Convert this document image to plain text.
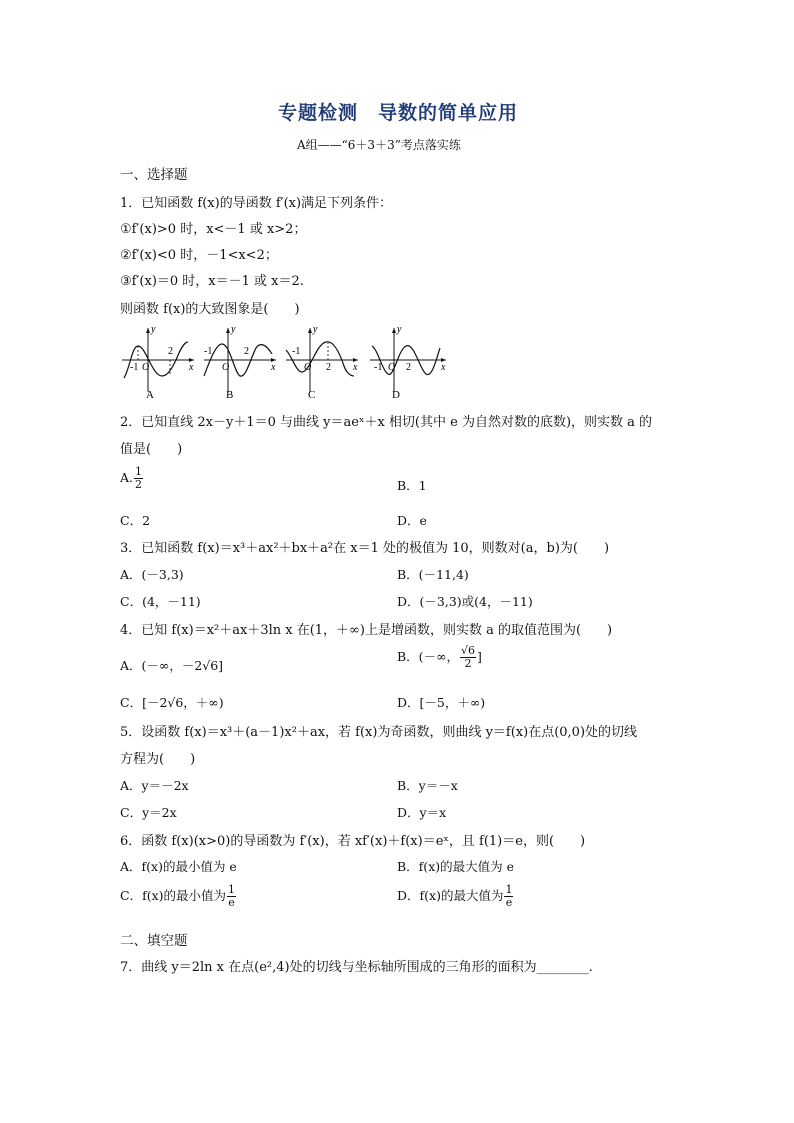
专题检测　导数的简单应用
A组——“6＋3＋3”考点落实练
一、选择题
1．已知函数 f(x)的导函数 f′(x)满足下列条件：
①f′(x)>0 时，x<－1 或 x>2；
②f′(x)<0 时，－1<x<2；
③f′(x)＝0 时，x＝－1 或 x＝2.
则函数 f(x)的大致图象是(　　)
y
x
-1 O
2
A
y
x
-1
O
2
B
y
x
-1
O 2
C
y
x
-1 O 2
D
2．已知直线 2x－y＋1＝0 与曲线 y＝aeˣ＋x 相切(其中 e 为自然对数的底数)，则实数 a 的
值是(　　)
A. $\frac{1}{2}$	B．1
C．2	D．e
3．已知函数 f(x)＝x³＋ax²＋bx＋a²在 x＝1 处的极值为 10，则数对(a，b)为(　　)
A．(－3,3)	B．(－11,4)
C．(4，－11)	D．(－3,3)或(4，－11)
4．已知 f(x)＝x²＋ax＋3ln x 在(1，＋∞)上是增函数，则实数 a 的取值范围为(　　)
A．(－∞，－2√6]
B．(－∞， $\frac{√6}{2}$ ]
C．[－2√6，＋∞)	D．[－5，＋∞)
5．设函数 f(x)＝x³＋(a－1)x²＋ax，若 f(x)为奇函数，则曲线 y＝f(x)在点(0,0)处的切线
方程为(　　)
A．y＝－2x	B．y＝－x
C．y＝2x	D．y＝x
6．函数 f(x)(x>0)的导函数为 f′(x)，若 xf′(x)＋f(x)＝eˣ，且 f(1)＝e，则(　　)
A．f(x)的最小值为 e	B．f(x)的最大值为 e
C．f(x)的最小值为 $\frac{1}{e}$	D．f(x)的最大值为 $\frac{1}{e}$
二、填空题
7．曲线 y＝2ln x 在点(e²,4)处的切线与坐标轴所围成的三角形的面积为________.
